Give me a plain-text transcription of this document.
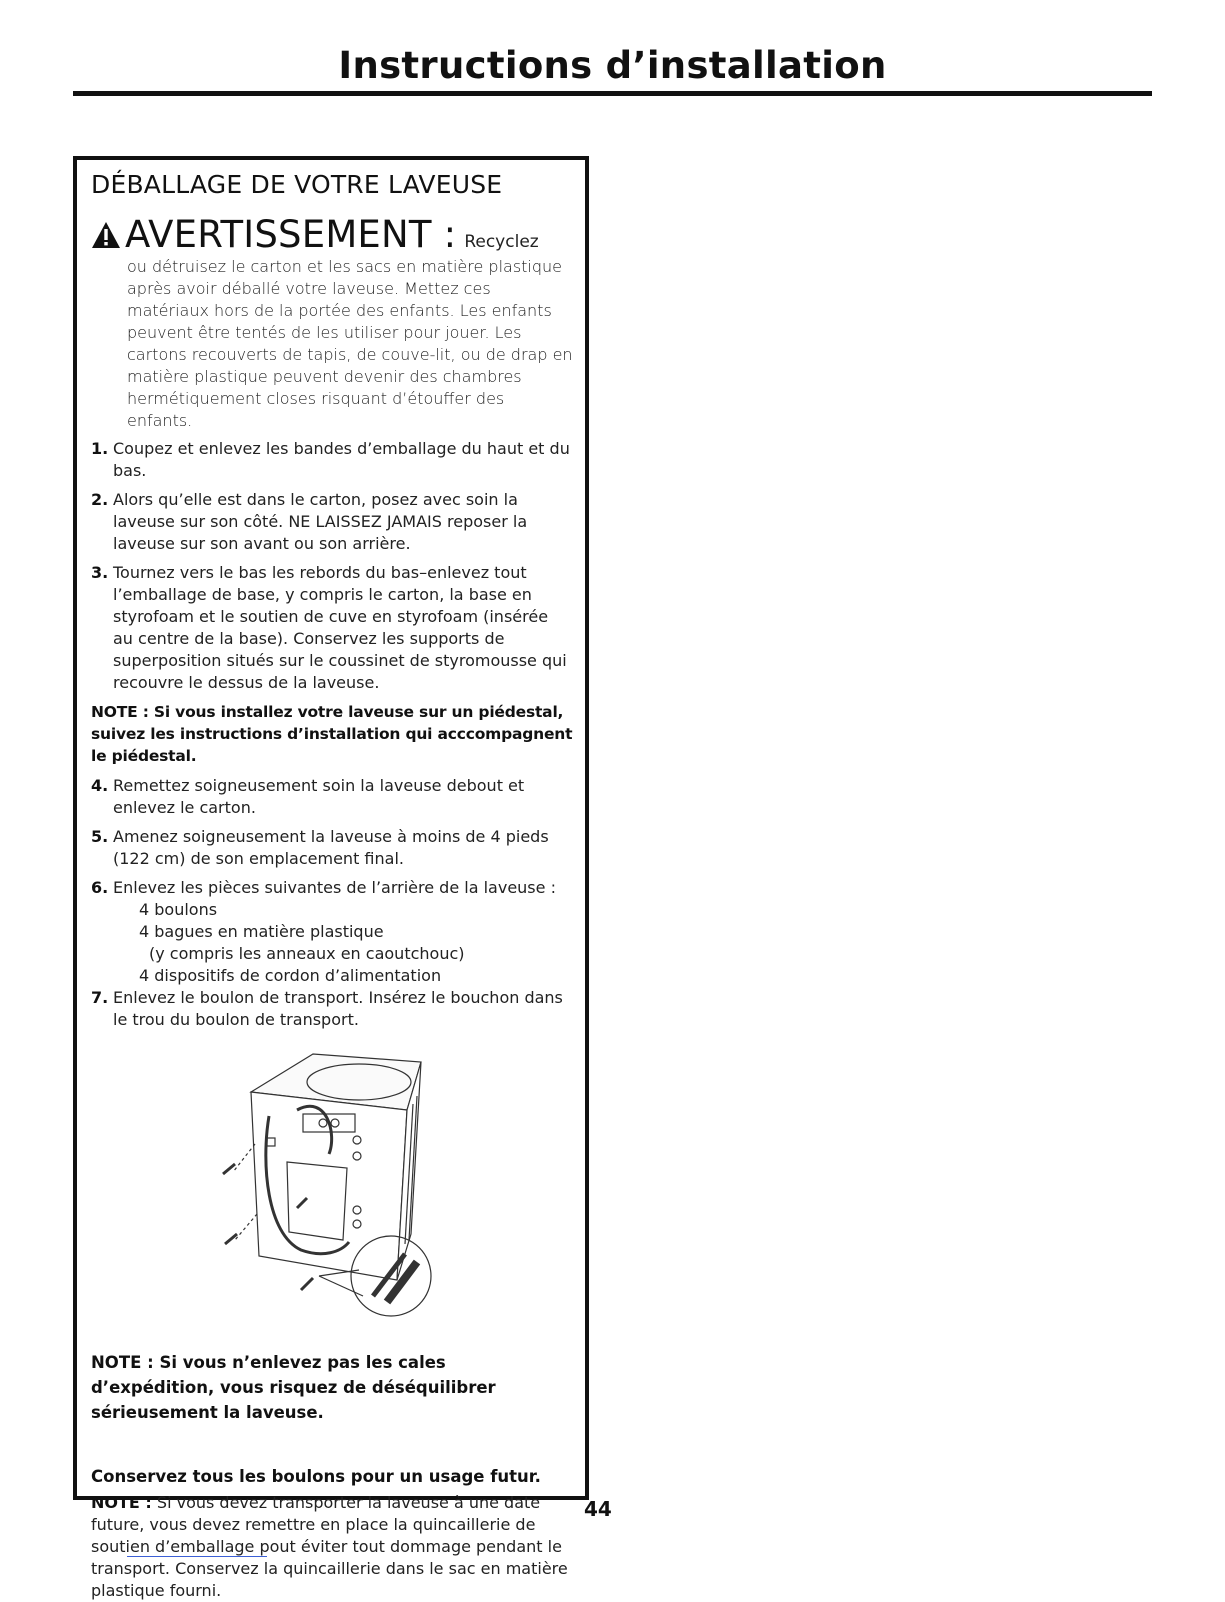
Instructions d’installation
DÉBALLAGE DE VOTRE LAVEUSE
AVERTISSEMENT : Recyclez

ou détruisez le carton et les sacs en matière plastique après avoir déballé votre laveuse. Mettez ces matériaux hors de la portée des enfants. Les enfants peuvent être tentés de les utiliser pour jouer. Les cartons recouverts de tapis, de couve-lit, ou de drap en matière plastique peuvent devenir des chambres hermétiquement closes risquant d’étouffer des enfants.

1. Coupez et enlevez les bandes d’emballage du haut et du bas.
2. Alors qu’elle est dans le carton, posez avec soin la laveuse sur son côté. NE LAISSEZ JAMAIS reposer la laveuse sur son avant ou son arrière.
3. Tournez vers le bas les rebords du bas–enlevez tout l’emballage de base, y compris le carton, la base en styrofoam et le soutien de cuve en styrofoam (insérée au centre de la base). Conservez les supports de superposition situés sur le coussinet de styromousse qui recouvre le dessus de la laveuse.

NOTE : Si vous installez votre laveuse sur un piédestal, suivez les instructions d’installation qui acccompagnent le piédestal.

4. Remettez soigneusement soin la laveuse debout et enlevez le carton.
5. Amenez soigneusement la laveuse à moins de 4 pieds (122 cm) de son emplacement final.
6. Enlevez les pièces suivantes de l’arrière de la laveuse :
4 boulons
4 bagues en matière plastique
(y compris les anneaux en caoutchouc)
4 dispositifs de cordon d’alimentation
7. Enlevez le boulon de transport. Insérez le bouchon dans le trou du boulon de transport.

NOTE : Si vous n’enlevez pas les cales d’expédition, vous risquez de déséquilibrer sérieusement la laveuse.

Conservez tous les boulons pour un usage futur.

NOTE : Si vous devez transporter la laveuse à une date future, vous devez remettre en place la quincaillerie de soutien d’emballage pout éviter tout dommage pendant le transport. Conservez la quincaillerie dans le sac en matière plastique fourni.

44
